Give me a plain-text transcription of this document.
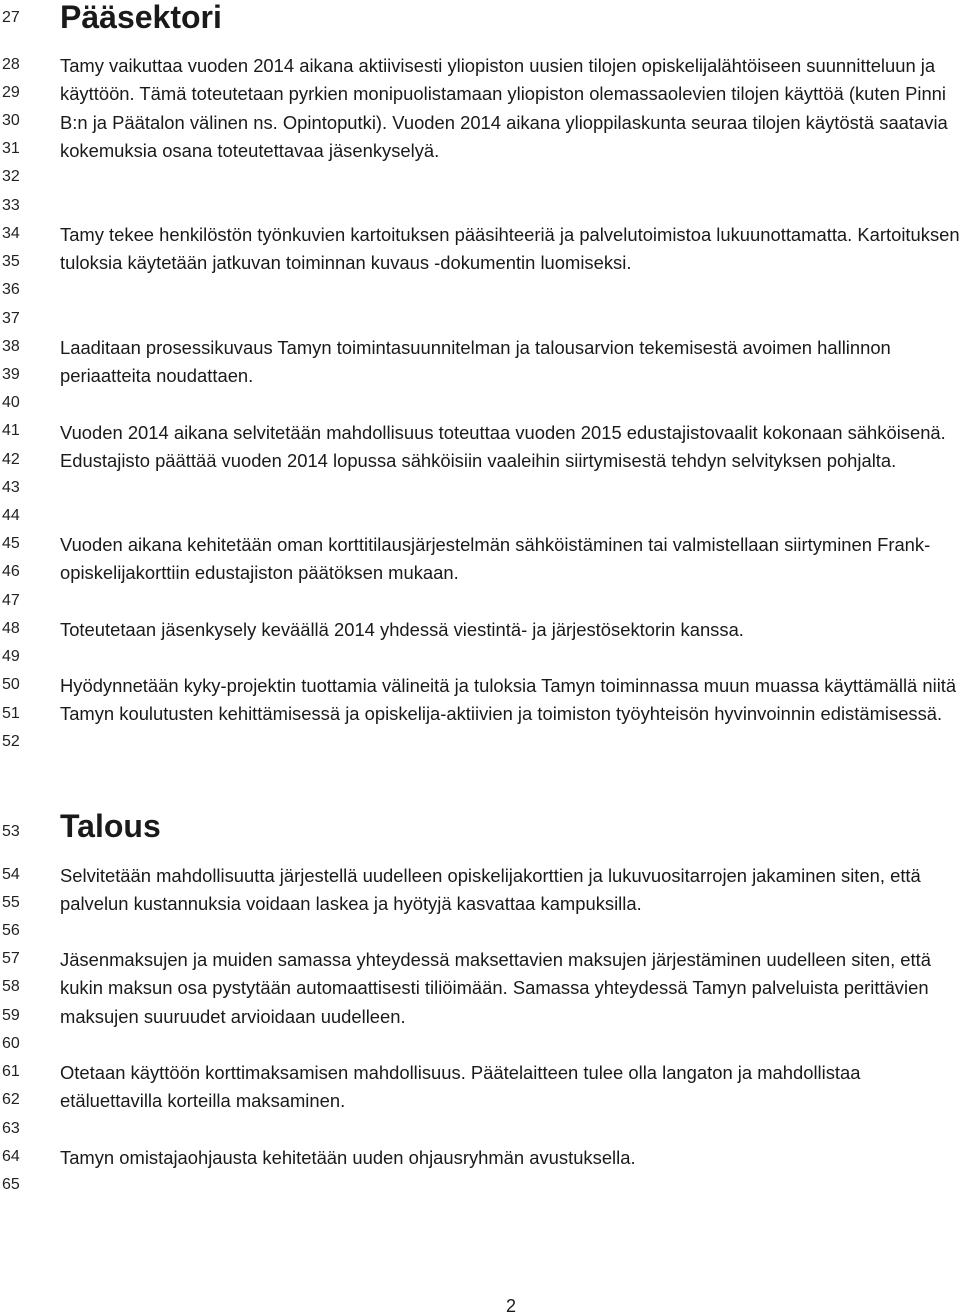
27
28
29
30
31
32
33
34
35
36
37
38
39
40
41
42
43
44
45
46
47
48
49
50
51
52
53
54
55
56
57
58
59
60
61
62
63
64
65
Pääsektori

Tamy vaikuttaa vuoden 2014 aikana aktiivisesti yliopiston uusien tilojen opiskelijalähtöiseen suunnitteluun ja käyttöön. Tämä toteutetaan pyrkien monipuolistamaan yliopiston olemassaolevien tilojen käyttöä (kuten Pinni B:n ja Päätalon välinen ns. Opintoputki). Vuoden 2014 aikana ylioppilaskunta seuraa tilojen käytöstä saatavia kokemuksia osana toteutettavaa jäsenkyselyä.

Tamy tekee henkilöstön työnkuvien kartoituksen pääsihteeriä ja palvelutoimistoa lukuunottamatta. Kartoituksen tuloksia käytetään jatkuvan toiminnan kuvaus -dokumentin luomiseksi.

Laaditaan prosessikuvaus Tamyn toimintasuunnitelman ja talousarvion tekemisestä avoimen hallinnon periaatteita noudattaen.

Vuoden 2014 aikana selvitetään mahdollisuus toteuttaa vuoden 2015 edustajistovaalit kokonaan sähköisenä. Edustajisto päättää vuoden 2014 lopussa sähköisiin vaaleihin siirtymisestä tehdyn selvityksen pohjalta.

Vuoden aikana kehitetään oman korttitilausjärjestelmän sähköistäminen tai valmistellaan siirtyminen Frank-opiskelijakorttiin edustajiston päätöksen mukaan.

Toteutetaan jäsenkysely keväällä 2014 yhdessä viestintä- ja järjestösektorin kanssa.

Hyödynnetään kyky-projektin tuottamia välineitä ja tuloksia Tamyn toiminnassa muun muassa käyttämällä niitä Tamyn koulutusten kehittämisessä ja opiskelija-aktiivien ja toimiston työyhteisön hyvinvoinnin edistämisessä.

Talous

Selvitetään mahdollisuutta järjestellä uudelleen opiskelijakorttien ja lukuvuositarrojen jakaminen siten, että palvelun kustannuksia voidaan laskea ja hyötyjä kasvattaa kampuksilla.

Jäsenmaksujen ja muiden samassa yhteydessä maksettavien maksujen järjestäminen uudelleen siten, että kukin maksun osa pystytään automaattisesti tiliöimään. Samassa yhteydessä Tamyn palveluista perittävien maksujen suuruudet arvioidaan uudelleen.

Otetaan käyttöön korttimaksamisen mahdollisuus. Päätelaitteen tulee olla langaton ja mahdollistaa etäluettavilla korteilla maksaminen.

Tamyn omistajaohjausta kehitetään uuden ohjausryhmän avustuksella.

2
